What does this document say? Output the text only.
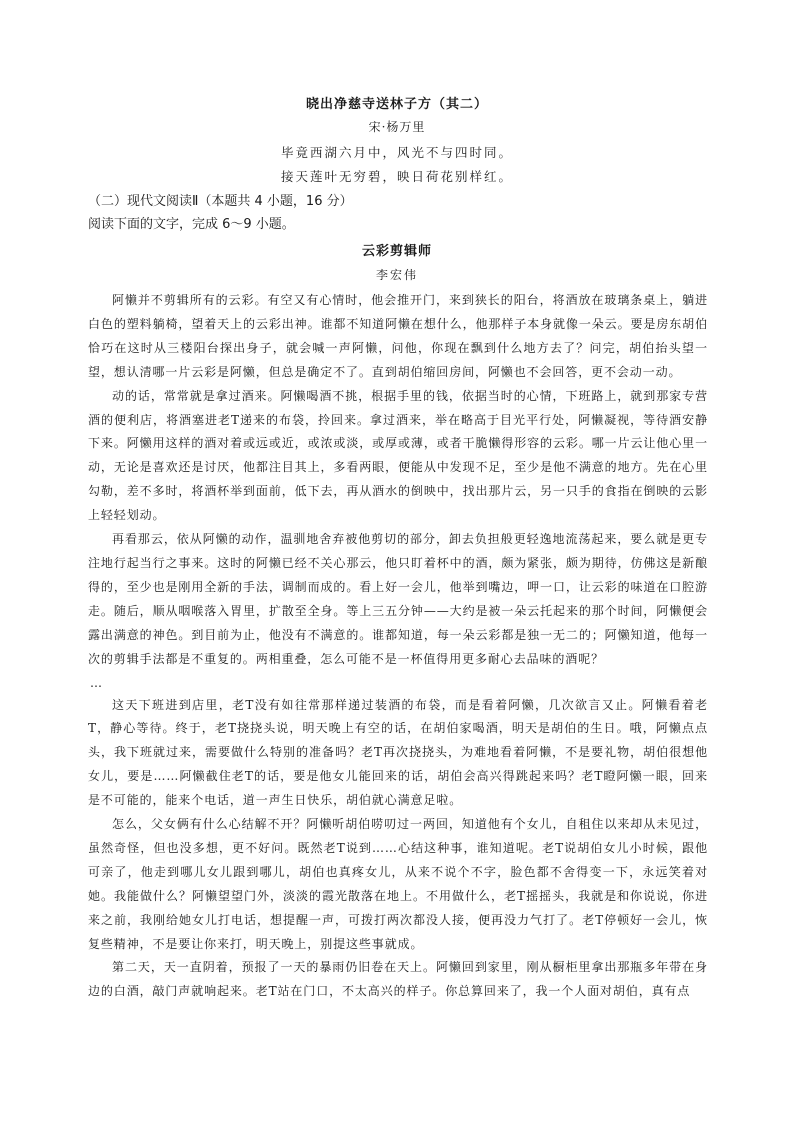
晓出净慈寺送林子方（其二）
宋·杨万里
毕竟西湖六月中，风光不与四时同。
接天莲叶无穷碧，映日荷花别样红。
（二）现代文阅读Ⅱ（本题共 4 小题，16 分）
阅读下面的文字，完成 6～9 小题。
云彩剪辑师
李宏伟

阿懒并不剪辑所有的云彩。有空又有心情时，他会推开门，来到狭长的阳台，将酒放在玻璃条桌上，躺进白色的塑料躺椅，望着天上的云彩出神。谁都不知道阿懒在想什么，他那样子本身就像一朵云。要是房东胡伯恰巧在这时从三楼阳台探出身子，就会喊一声阿懒，问他，你现在飘到什么地方去了？问完，胡伯抬头望一望，想认清哪一片云彩是阿懒，但总是确定不了。直到胡伯缩回房间，阿懒也不会回答，更不会动一动。

动的话，常常就是拿过酒来。阿懒喝酒不挑，根据手里的钱，依据当时的心情，下班路上，就到那家专营酒的便利店，将酒塞进老T递来的布袋，拎回来。拿过酒来，举在略高于目光平行处，阿懒凝视，等待酒安静下来。阿懒用这样的酒对着或远或近，或浓或淡，或厚或薄，或者干脆懒得形容的云彩。哪一片云让他心里一动，无论是喜欢还是讨厌，他都注目其上，多看两眼，便能从中发现不足，至少是他不满意的地方。先在心里勾勒，差不多时，将酒杯举到面前，低下去，再从酒水的倒映中，找出那片云，另一只手的食指在倒映的云影上轻轻划动。

再看那云，依从阿懒的动作，温驯地舍弃被他剪切的部分，卸去负担般更轻逸地流荡起来，要么就是更专注地行起当行之事来。这时的阿懒已经不关心那云，他只盯着杯中的酒，颇为紧张，颇为期待，仿佛这是新酿得的，至少也是刚用全新的手法，调制而成的。看上好一会儿，他举到嘴边，呷一口，让云彩的味道在口腔游走。随后，顺从咽喉落入胃里，扩散至全身。等上三五分钟——大约是被一朵云托起来的那个时间，阿懒便会露出满意的神色。到目前为止，他没有不满意的。谁都知道，每一朵云彩都是独一无二的；阿懒知道，他每一次的剪辑手法都是不重复的。两相重叠，怎么可能不是一杯值得用更多耐心去品味的酒呢？

…

这天下班进到店里，老T没有如往常那样递过装酒的布袋，而是看着阿懒，几次欲言又止。阿懒看着老T，静心等待。终于，老T挠挠头说，明天晚上有空的话，在胡伯家喝酒，明天是胡伯的生日。哦，阿懒点点头，我下班就过来，需要做什么特别的准备吗？老T再次挠挠头，为难地看着阿懒，不是要礼物，胡伯很想他女儿，要是……阿懒截住老T的话，要是他女儿能回来的话，胡伯会高兴得跳起来吗？老T瞪阿懒一眼，回来是不可能的，能来个电话，道一声生日快乐，胡伯就心满意足啦。

怎么，父女俩有什么心结解不开？阿懒听胡伯唠叨过一两回，知道他有个女儿，自租住以来却从未见过，虽然奇怪，但也没多想，更不好问。既然老T说到……心结这种事，谁知道呢。老T说胡伯女儿小时候，跟他可亲了，他走到哪儿女儿跟到哪儿，胡伯也真疼女儿，从来不说个不字，脸色都不舍得变一下，永远笑着对她。我能做什么？阿懒望望门外，淡淡的霞光散落在地上。不用做什么，老T摇摇头，我就是和你说说，你进来之前，我刚给她女儿打电话，想提醒一声，可拨打两次都没人接，便再没力气打了。老T停顿好一会儿，恢复些精神，不是要让你来打，明天晚上，别提这些事就成。

第二天，天一直阴着，预报了一天的暴雨仍旧卷在天上。阿懒回到家里，刚从橱柜里拿出那瓶多年带在身边的白酒，敲门声就响起来。老T站在门口，不太高兴的样子。你总算回来了，我一个人面对胡伯，真有点
